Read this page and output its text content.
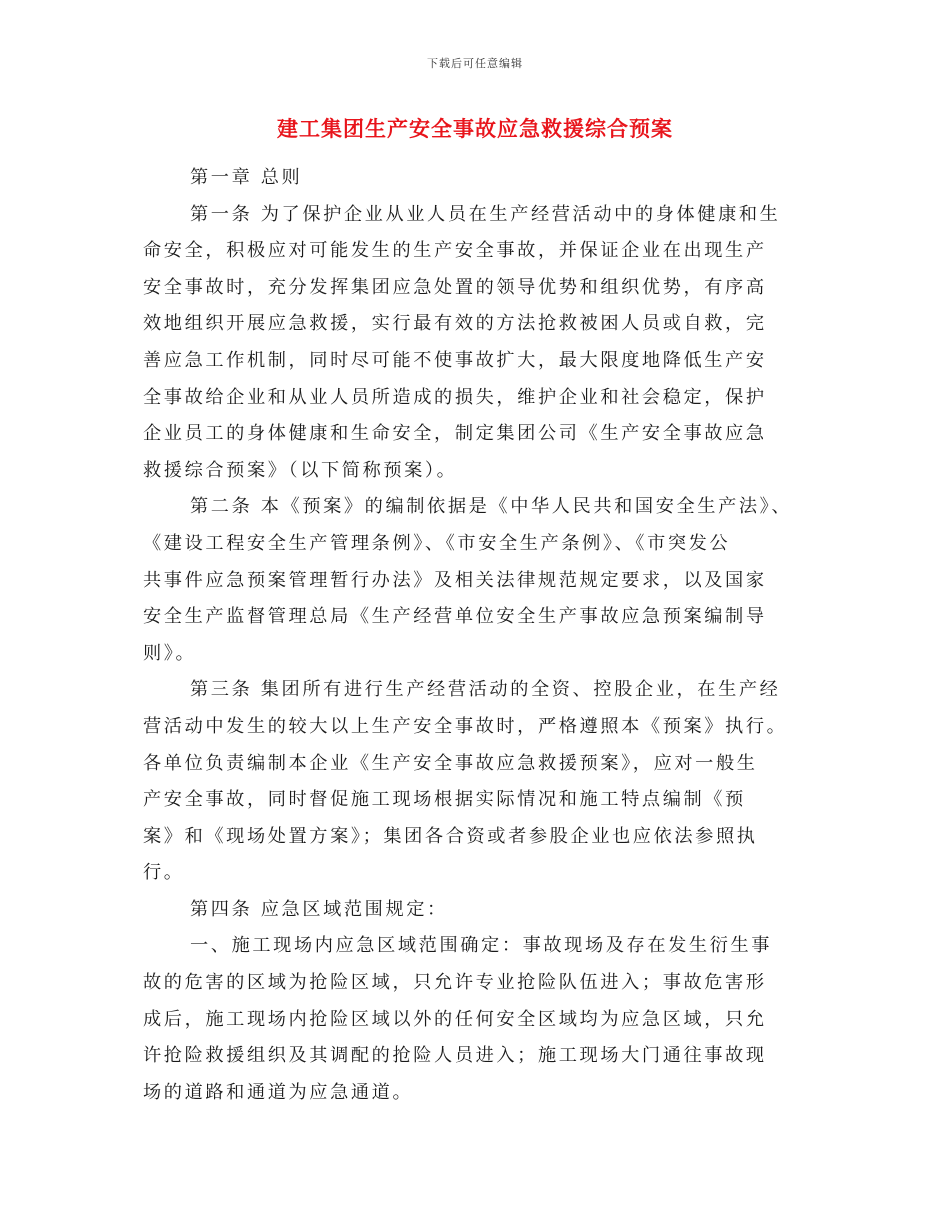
下载后可任意编辑
建工集团生产安全事故应急救援综合预案
第一章 总则
第一条 为了保护企业从业人员在生产经营活动中的身体健康和生
命安全，积极应对可能发生的生产安全事故，并保证企业在出现生产
安全事故时，充分发挥集团应急处置的领导优势和组织优势，有序高
效地组织开展应急救援，实行最有效的方法抢救被困人员或自救，完
善应急工作机制，同时尽可能不使事故扩大，最大限度地降低生产安
全事故给企业和从业人员所造成的损失，维护企业和社会稳定，保护
企业员工的身体健康和生命安全，制定集团公司《生产安全事故应急
救援综合预案》（以下简称预案）。
第二条 本《预案》的编制依据是《中华人民共和国安全生产法》、
《建设工程安全生产管理条例》、《市安全生产条例》、《市突发公
共事件应急预案管理暂行办法》及相关法律规范规定要求，以及国家
安全生产监督管理总局《生产经营单位安全生产事故应急预案编制导
则》。
第三条 集团所有进行生产经营活动的全资、控股企业，在生产经
营活动中发生的较大以上生产安全事故时，严格遵照本《预案》执行。
各单位负责编制本企业《生产安全事故应急救援预案》，应对一般生
产安全事故，同时督促施工现场根据实际情况和施工特点编制《预
案》和《现场处置方案》；集团各合资或者参股企业也应依法参照执
行。
第四条 应急区域范围规定：
一、施工现场内应急区域范围确定：事故现场及存在发生衍生事
故的危害的区域为抢险区域，只允许专业抢险队伍进入；事故危害形
成后，施工现场内抢险区域以外的任何安全区域均为应急区域，只允
许抢险救援组织及其调配的抢险人员进入；施工现场大门通往事故现
场的道路和通道为应急通道。
